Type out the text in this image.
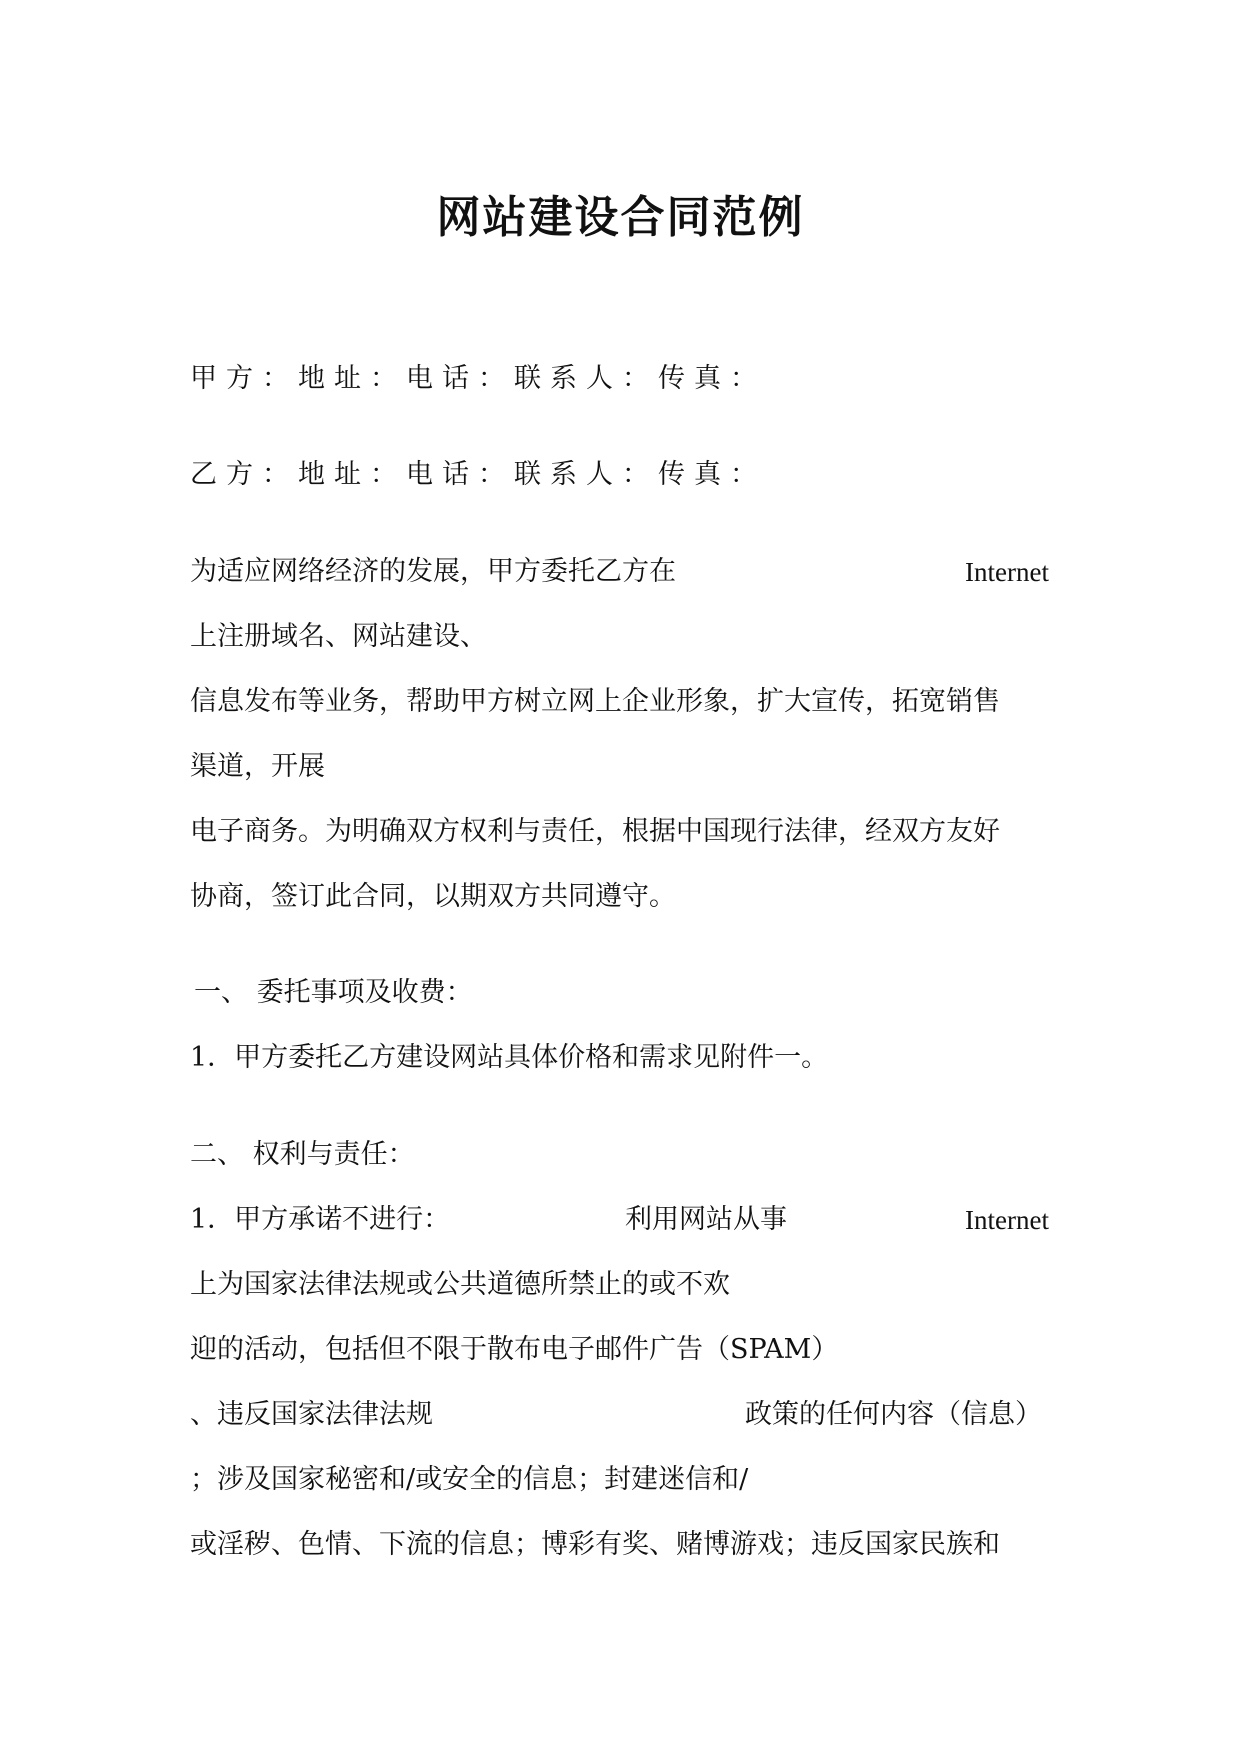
网站建设合同范例
甲方：地址：电话：联系人：传真：
乙方：地址：电话：联系人：传真：
为适应网络经济的发展，甲方委托乙方在	Internet
上注册域名、网站建设、
信息发布等业务，帮助甲方树立网上企业形象，扩大宣传，拓宽销售
渠道，开展
电子商务。为明确双方权利与责任，根据中国现行法律，经双方友好
协商，签订此合同，以期双方共同遵守。
一、 委托事项及收费：
1．甲方委托乙方建设网站具体价格和需求见附件一。
二、 权利与责任：
1．甲方承诺不进行：	利用网站从事	Internet
上为国家法律法规或公共道德所禁止的或不欢
迎的活动，包括但不限于散布电子邮件广告（SPAM）
、违反国家法律法规	政策的任何内容（信息）
；涉及国家秘密和/或安全的信息；封建迷信和/
或淫秽、色情、下流的信息；博彩有奖、赌博游戏；违反国家民族和
